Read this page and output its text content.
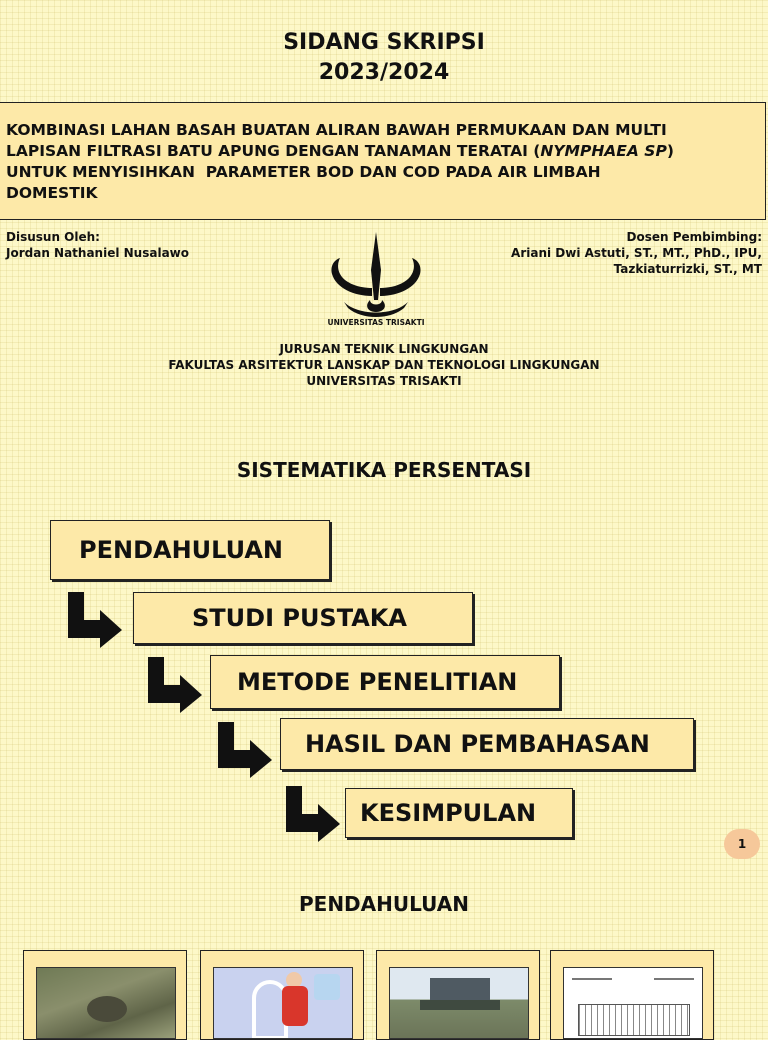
SIDANG SKRIPSI
2023/2024
KOMBINASI LAHAN BASAH BUATAN ALIRAN BAWAH PERMUKAAN DAN MULTI
LAPISAN FILTRASI BATU APUNG DENGAN TANAMAN TERATAI (NYMPHAEA SP)
UNTUK MENYISIHKAN  PARAMETER BOD DAN COD PADA AIR LIMBAH
DOMESTIK
Disusun Oleh:
Jordan Nathaniel Nusalawo
Dosen Pembimbing:
Ariani Dwi Astuti, ST., MT., PhD., IPU,
Tazkiaturrizki, ST., MT
UNIVERSITAS TRISAKTI
JURUSAN TEKNIK LINGKUNGAN
FAKULTAS ARSITEKTUR LANSKAP DAN TEKNOLOGI LINGKUNGAN
UNIVERSITAS TRISAKTI
SISTEMATIKA PERSENTASI
PENDAHULUAN
STUDI PUSTAKA
METODE PENELITIAN
HASIL DAN PEMBAHASAN
KESIMPULAN
1
PENDAHULUAN
